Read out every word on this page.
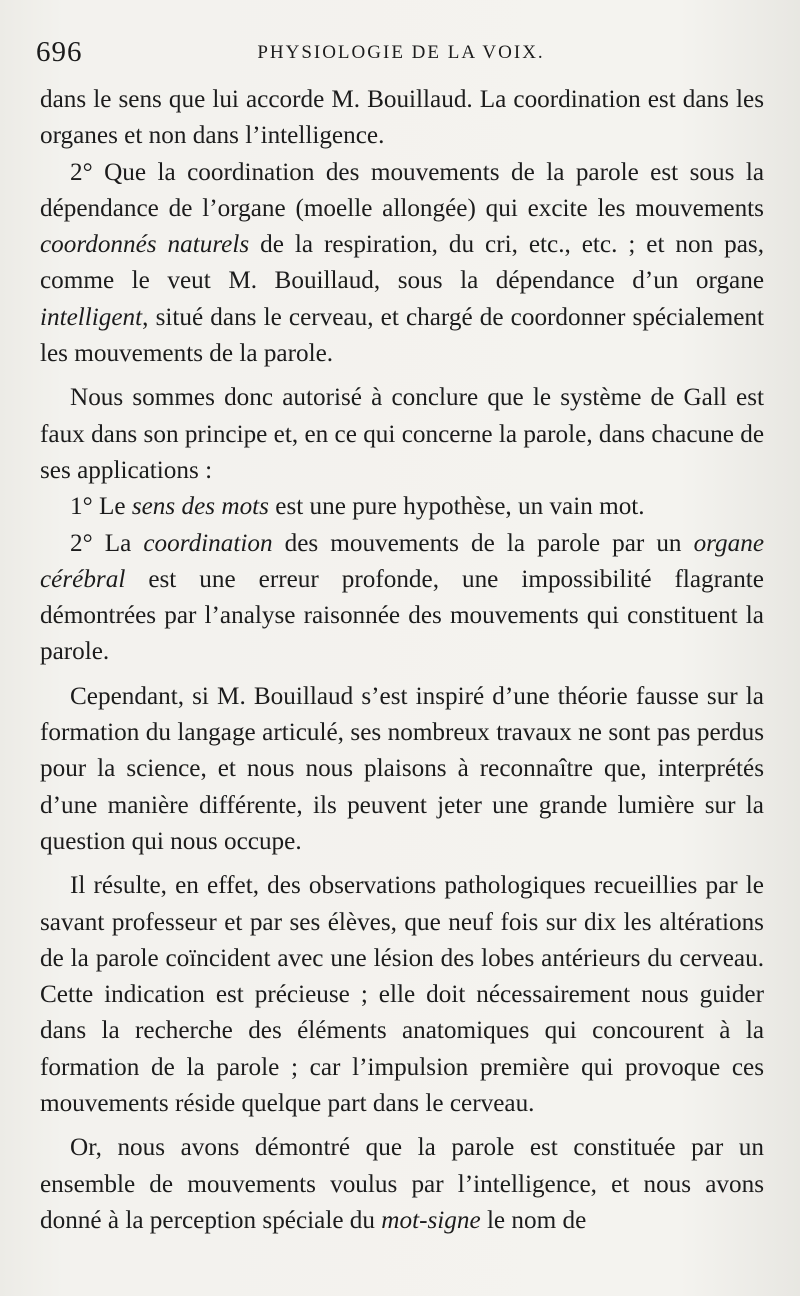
696	PHYSIOLOGIE DE LA VOIX.

dans le sens que lui accorde M. Bouillaud. La coordination est dans les organes et non dans l’intelligence.

2° Que la coordination des mouvements de la parole est sous la dépendance de l’organe (moelle allongée) qui excite les mouvements coordonnés naturels de la respiration, du cri, etc., etc. ; et non pas, comme le veut M. Bouillaud, sous la dépendance d’un organe intelligent, situé dans le cerveau, et chargé de coordonner spécialement les mouvements de la parole.

Nous sommes donc autorisé à conclure que le système de Gall est faux dans son principe et, en ce qui concerne la parole, dans chacune de ses applications :

1° Le sens des mots est une pure hypothèse, un vain mot.

2° La coordination des mouvements de la parole par un organe cérébral est une erreur profonde, une impossibilité flagrante démontrées par l’analyse raisonnée des mouvements qui constituent la parole.

Cependant, si M. Bouillaud s’est inspiré d’une théorie fausse sur la formation du langage articulé, ses nombreux travaux ne sont pas perdus pour la science, et nous nous plaisons à reconnaître que, interprétés d’une manière différente, ils peuvent jeter une grande lumière sur la question qui nous occupe.

Il résulte, en effet, des observations pathologiques recueillies par le savant professeur et par ses élèves, que neuf fois sur dix les altérations de la parole coïncident avec une lésion des lobes antérieurs du cerveau. Cette indication est précieuse ; elle doit nécessairement nous guider dans la recherche des éléments anatomiques qui concourent à la formation de la parole ; car l’impulsion première qui provoque ces mouvements réside quelque part dans le cerveau.

Or, nous avons démontré que la parole est constituée par un ensemble de mouvements voulus par l’intelligence, et nous avons donné à la perception spéciale du mot-signe le nom de
